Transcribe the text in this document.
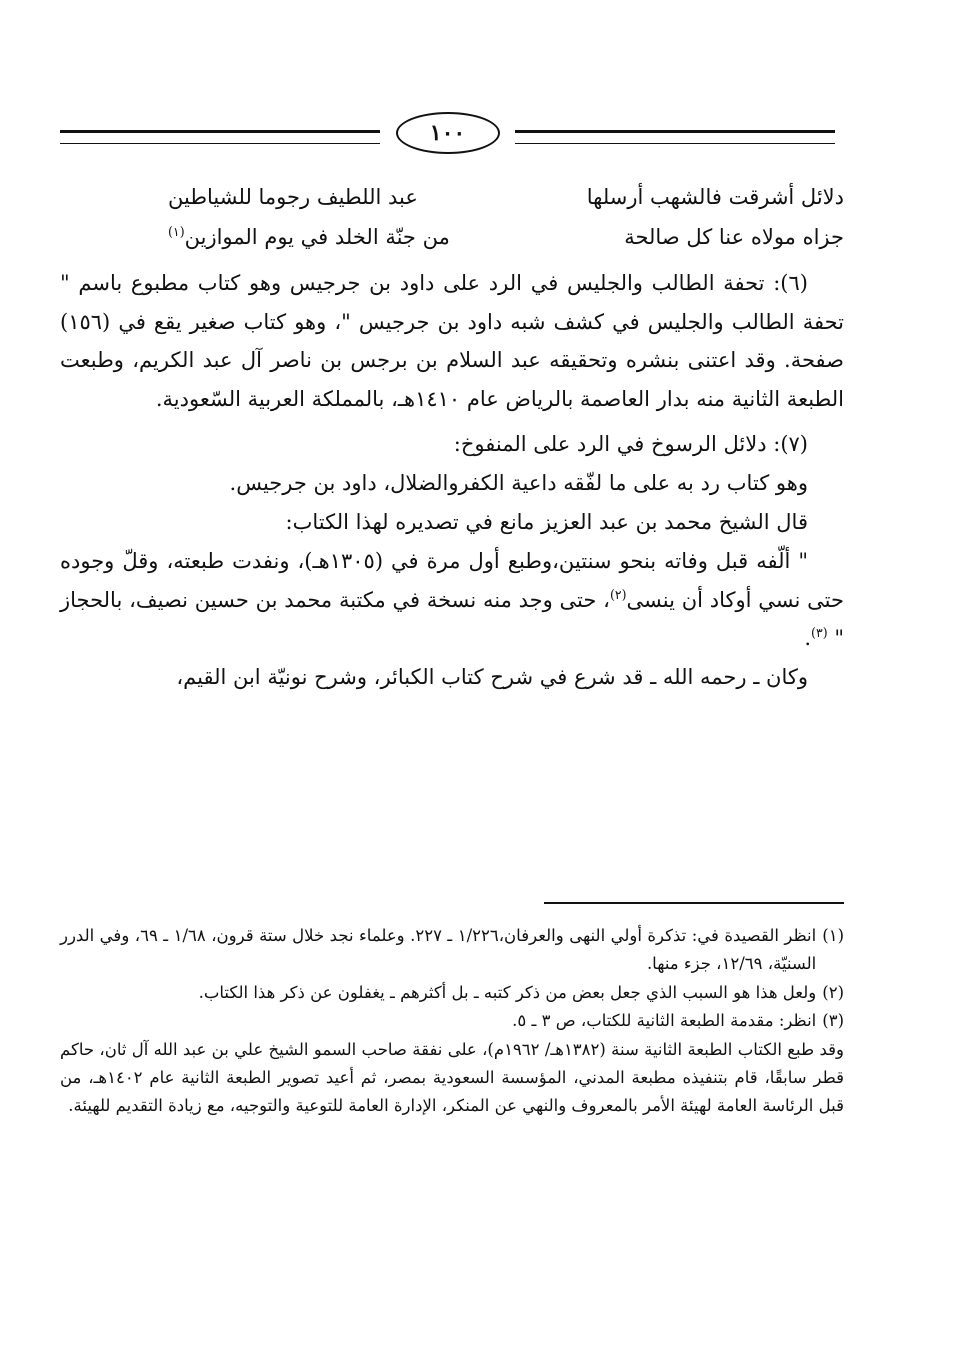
١٠٠
دلائل أشرقت فالشهب أرسلها
عبد اللطيف رجوما للشياطين
جزاه مولاه عنا كل صالحة
من جنّة الخلد في يوم الموازين$^{(١)}$

(٦): تحفة الطالب والجليس في الرد على داود بن جرجيس وهو كتاب مطبوع باسم " تحفة الطالب والجليس في كشف شبه داود بن جرجيس "، وهو كتاب صغير يقع في (١٥٦) صفحة. وقد اعتنى بنشره وتحقيقه عبد السلام بن برجس بن ناصر آل عبد الكريم، وطبعت الطبعة الثانية منه بدار العاصمة بالرياض عام ١٤١٠هـ، بالمملكة العربية السّعودية.

(٧): دلائل الرسوخ في الرد على المنفوخ:

وهو كتاب رد به على ما لفّقه داعية الكفروالضلال، داود بن جرجيس.

قال الشيخ محمد بن عبد العزيز مانع في تصديره لهذا الكتاب:

" ألّفه قبل وفاته بنحو سنتين،وطبع أول مرة في (١٣٠٥هـ)، ونفدت طبعته، وقلّ وجوده حتى نسي أوكاد أن ينسى$^{(٢)}$، حتى وجد منه نسخة في مكتبة محمد بن حسين نصيف، بالحجاز " $^{(٣)}$.

وكان ـ رحمه الله ـ قد شرع في شرح كتاب الكبائر، وشرح نونيّة ابن القيم،

(١)
انظر القصيدة في: تذكرة أولي النهى والعرفان،١/٢٢٦ ـ ٢٢٧. وعلماء نجد خلال ستة قرون، ١/٦٨ ـ ٦٩، وفي الدرر السنيّة، ١٢/٦٩، جزء منها.
(٢)
ولعل هذا هو السبب الذي جعل بعض من ذكر كتبه ـ بل أكثرهم ـ يغفلون عن ذكر هذا الكتاب.
(٣)
انظر: مقدمة الطبعة الثانية للكتاب، ص ٣ ـ ٥.
وقد طبع الكتاب الطبعة الثانية سنة (١٣٨٢هـ/ ١٩٦٢م)، على نفقة صاحب السمو الشيخ علي بن عبد الله آل ثان، حاكم قطر سابقًا، قام بتنفيذه مطبعة المدني، المؤسسة السعودية بمصر، ثم أعيد تصوير الطبعة الثانية عام ١٤٠٢هـ، من قبل الرئاسة العامة لهيئة الأمر بالمعروف والنهي عن المنكر، الإدارة العامة للتوعية والتوجيه، مع زيادة التقديم للهيئة.
